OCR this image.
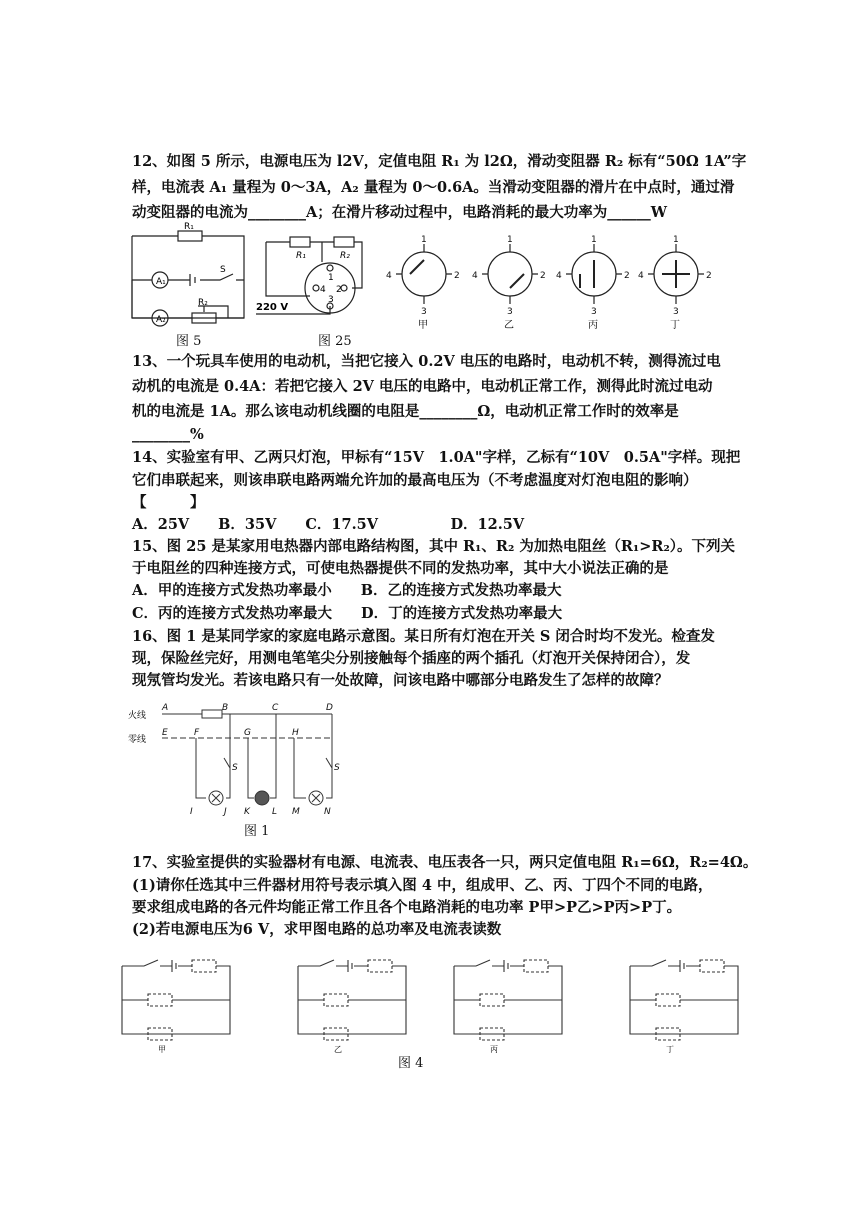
12、如图 5 所示，电源电压为 l2V，定值电阻 R₁ 为 l2Ω，滑动变阻器 R₂ 标有“50Ω 1A”字
样，电流表 A₁ 量程为 0～3A，A₂ 量程为 0～0.6A。当滑动变阻器的滑片在中点时，通过滑
动变阻器的电流为________A；在滑片移动过程中，电路消耗的最大功率为______W
R₁
A₁
A₂
S
R₂
图 5
R₁	R₂
1
2
3
4
220 V
图 25
1
4	2
3
1
4	2
3
1
4	2
3
1
4	2
3
甲	乙	丙	丁
13、一个玩具车使用的电动机，当把它接入 0.2V 电压的电路时，电动机不转，测得流过电
动机的电流是 0.4A：若把它接入 2V 电压的电路中，电动机正常工作，测得此时流过电动
机的电流是 1A。那么该电动机线圈的电阻是________Ω，电动机正常工作时的效率是
________%
14、实验室有甲、乙两只灯泡，甲标有“15V　1.0A"字样，乙标有“10V　0.5A"字样。现把
它们串联起来，则该串联电路两端允许加的最高电压为（不考虑温度对灯泡电阻的影响）
【　　　】
A．25V　　B．35V　　C．17.5V　　　　　D．12.5V
15、图 25 是某家用电热器内部电路结构图，其中 R₁、R₂ 为加热电阻丝（R₁>R₂）。下列关
于电阻丝的四种连接方式，可使电热器提供不同的发热功率，其中大小说法正确的是
A．甲的连接方式发热功率最小　　B．乙的连接方式发热功率最大
C．丙的连接方式发热功率最大　　D．丁的连接方式发热功率最大
16、图 1 是某同学家的家庭电路示意图。某日所有灯泡在开关 S 闭合时均不发光。检查发
现，保险丝完好，用测电笔笔尖分别接触每个插座的两个插孔（灯泡开关保持闭合），发
现氖管均发光。若该电路只有一处故障，问该电路中哪部分电路发生了怎样的故障？
火线
零线
A	B	C	D
E	F	G	H
I	J K L M	N
S	S
图 1
17、实验室提供的实验器材有电源、电流表、电压表各一只，两只定值电阻 R₁=6Ω，R₂=4Ω。
(1)请你任选其中三件器材用符号表示填入图 4 中，组成甲、乙、丙、丁四个不同的电路，
要求组成电路的各元件均能正常工作且各个电路消耗的电功率 P甲>P乙>P丙>P丁。
(2)若电源电压为6 V，求甲图电路的总功率及电流表读数
甲	乙	丙	丁
图 4
